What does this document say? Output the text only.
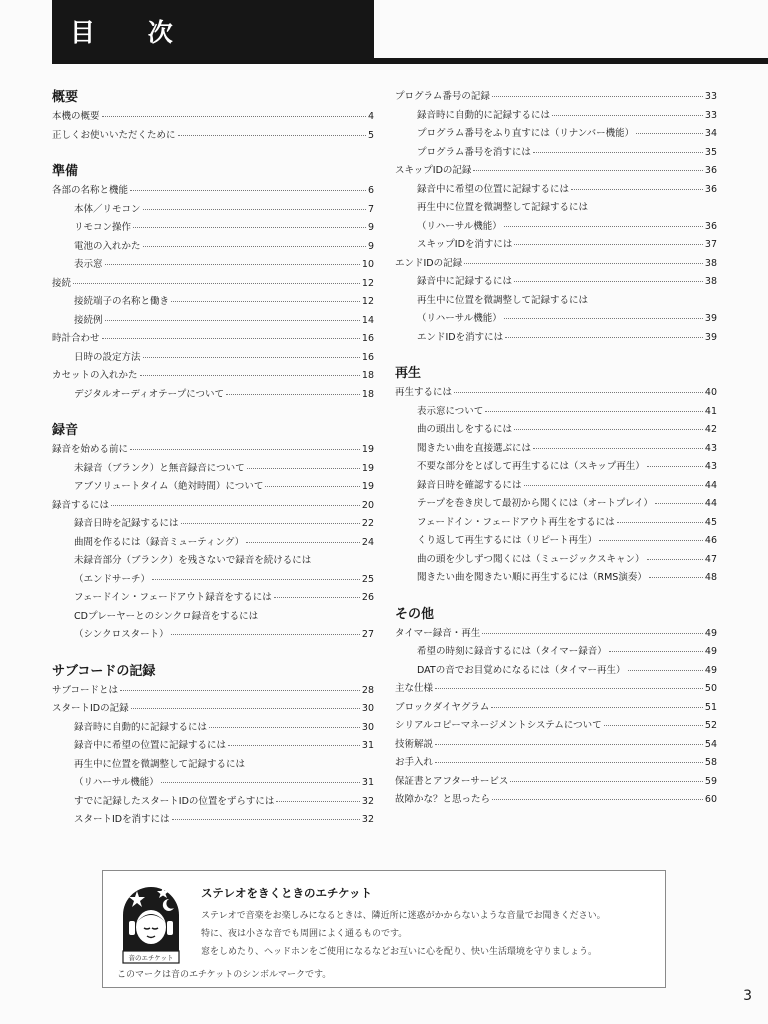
目 次
概要
本機の概要	4
正しくお使いいただくために	5
準備
各部の名称と機能	6
本体／リモコン	7
リモコン操作	9
電池の入れかた	9
表示窓	10
接続	12
接続端子の名称と働き	12
接続例	14
時計合わせ	16
日時の設定方法	16
カセットの入れかた	18
デジタルオーディオテープについて	18
録音
録音を始める前に	19
未録音（ブランク）と無音録音について	19
アブソリュートタイム（絶対時間）について	19
録音するには	20
録音日時を記録するには	22
曲間を作るには（録音ミューティング）	24
未録音部分（ブランク）を残さないで録音を続けるには
（エンドサーチ）	25
フェードイン・フェードアウト録音をするには	26
CDプレーヤーとのシンクロ録音をするには
（シンクロスタート）	27
サブコードの記録
サブコードとは	28
スタートIDの記録	30
録音時に自動的に記録するには	30
録音中に希望の位置に記録するには	31
再生中に位置を微調整して記録するには
（リハーサル機能）	31
すでに記録したスタートIDの位置をずらすには	32
スタートIDを消すには	32
プログラム番号の記録	33
録音時に自動的に記録するには	33
プログラム番号をふり直すには（リナンバー機能）	34
プログラム番号を消すには	35
スキップIDの記録	36
録音中に希望の位置に記録するには	36
再生中に位置を微調整して記録するには
（リハーサル機能）	36
スキップIDを消すには	37
エンドIDの記録	38
録音中に記録するには	38
再生中に位置を微調整して記録するには
（リハーサル機能）	39
エンドIDを消すには	39
再生
再生するには	40
表示窓について	41
曲の頭出しをするには	42
聞きたい曲を直接選ぶには	43
不要な部分をとばして再生するには（スキップ再生）	43
録音日時を確認するには	44
テープを巻き戻して最初から聞くには（オートプレイ）	44
フェードイン・フェードアウト再生をするには	45
くり返して再生するには（リピート再生）	46
曲の頭を少しずつ聞くには（ミュージックスキャン）	47
聞きたい曲を聞きたい順に再生するには（RMS演奏）	48
その他
タイマー録音・再生	49
希望の時刻に録音するには（タイマー録音）	49
DATの音でお目覚めになるには（タイマー再生）	49
主な仕様	50
ブロックダイヤグラム	51
シリアルコピーマネージメントシステムについて	52
技術解説	54
お手入れ	58
保証書とアフターサービス	59
故障かな？と思ったら	60
音のエチケット
ステレオをきくときのエチケット
ステレオで音楽をお楽しみになるときは、隣近所に迷惑がかからないような音量でお聞きください。
特に、夜は小さな音でも周囲によく通るものです。
窓をしめたり、ヘッドホンをご使用になるなどお互いに心を配り、快い生活環境を守りましょう。
このマークは音のエチケットのシンボルマークです。
3
